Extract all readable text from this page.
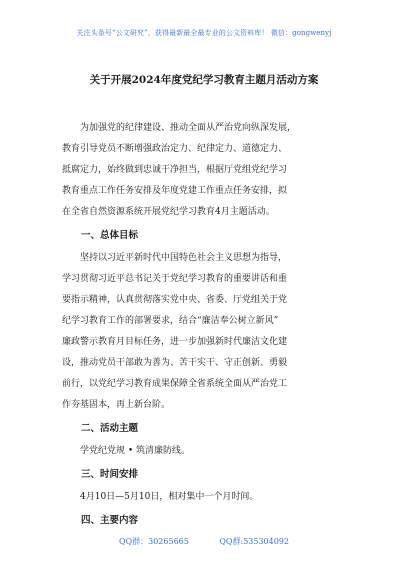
关注头条号“公文研究”，获得最新最全最专业的公文资料库！ 微信：gongwenyj
关于开展2024年度党纪学习教育主题月活动方案

为加强党的纪律建设、推动全面从严治党向纵深发展，

教育引导党员不断增强政治定力、纪律定力、道德定力、

抵腐定力，始终做到忠诚干净担当，根据厅党组党纪学习

教育重点工作任务安排及年度党建工作重点任务安排，拟

在全省自然资源系统开展党纪学习教育4月主题活动。

一、总体目标

坚持以习近平新时代中国特色社会主义思想为指导，

学习贯彻习近平总书记关于党纪学习教育的重要讲话和重

要指示精神，认真贯彻落实党中央、省委、厅党组关于党

纪学习教育工作的部署要求，结合“廉洁奉公树立新风”

廉政警示教育月目标任务，进一步加强新时代廉洁文化建

设，推动党员干部敢为善为、苦干实干、守正创新、勇毅

前行，以党纪学习教育成果保障全省系统全面从严治党工

作夯基固本，再上新台阶。

二、活动主题

学党纪党规 • 筑清廉防线。

三、时间安排

4月10日—5月10日，相对集中一个月时间。

四、主要内容
QQ群：30265665 QQ群:535304092
